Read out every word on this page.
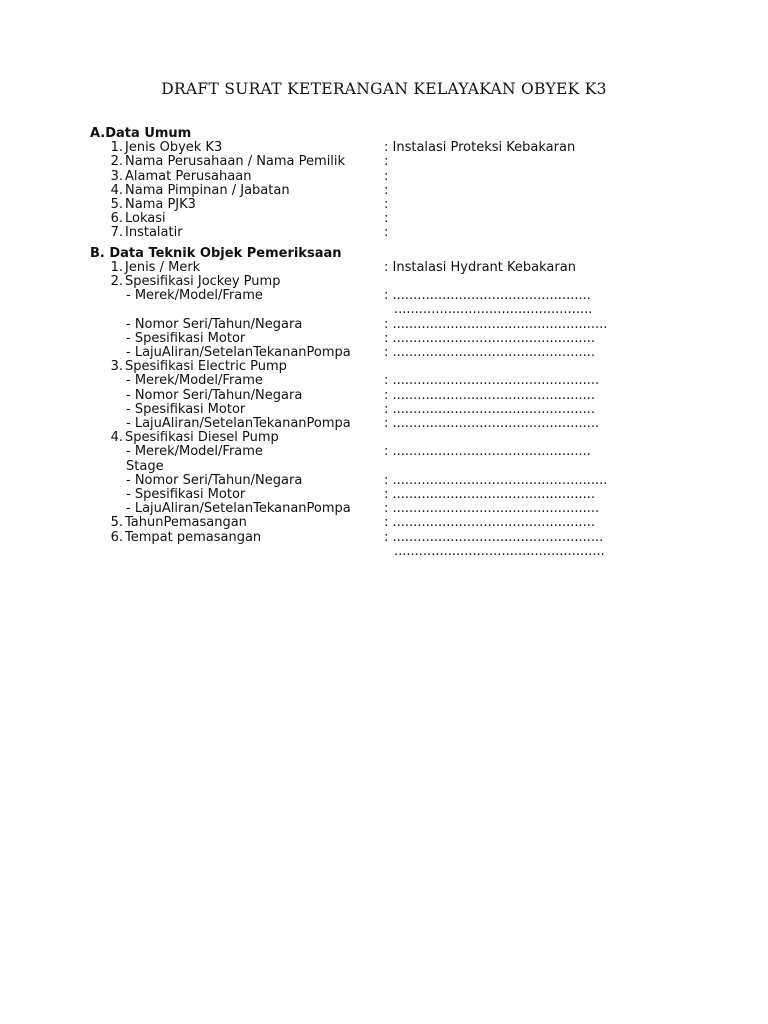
DRAFT SURAT KETERANGAN KELAYAKAN OBYEK K3
A.Data Umum
1. Jenis Obyek K3	: Instalasi Proteksi Kebakaran
2. Nama Perusahaan / Nama Pemilik	:
3. Alamat Perusahaan	:
4. Nama Pimpinan / Jabatan	:
5. Nama PJK3	:
6. Lokasi	:
7. Instalatir	:
B. Data Teknik Objek Pemeriksaan
1. Jenis / Merk	: Instalasi Hydrant Kebakaran
2. Spesifikasi Jockey Pump
- Merek/Model/Frame	: ................................................
................................................
- Nomor Seri/Tahun/Negara	: ....................................................
- Spesifikasi Motor	: .................................................
- LajuAliran/SetelanTekananPompa	: .................................................
3. Spesifikasi Electric Pump
- Merek/Model/Frame	: ..................................................
- Nomor Seri/Tahun/Negara	: .................................................
- Spesifikasi Motor	: .................................................
- LajuAliran/SetelanTekananPompa	: ..................................................
4. Spesifikasi Diesel Pump
- Merek/Model/Frame	: ................................................
Stage
- Nomor Seri/Tahun/Negara	: ....................................................
- Spesifikasi Motor	: .................................................
- LajuAliran/SetelanTekananPompa	: ..................................................
5. TahunPemasangan	: .................................................
6. Tempat pemasangan	: ...................................................
...................................................
